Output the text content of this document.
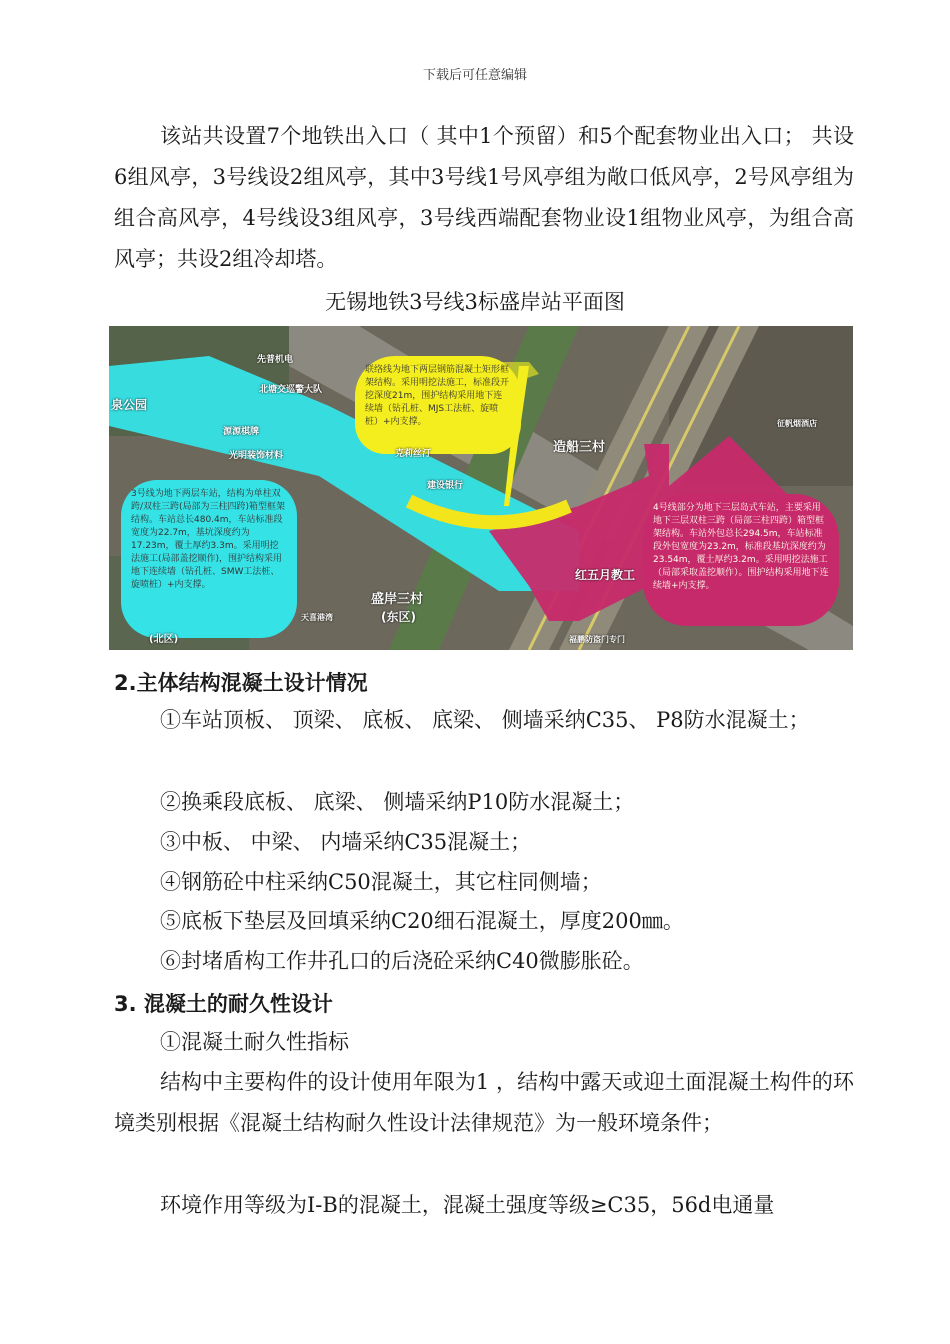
下载后可任意编辑
该站共设置7个地铁出入口（ 其中1个预留）和5个配套物业出入口； 共设6组风亭，3号线设2组风亭，其中3号线1号风亭组为敞口低风亭，2号风亭组为组合高风亭，4号线设3组风亭，3号线西端配套物业设1组物业风亭，为组合高风亭；共设2组冷却塔。
无锡地铁3号线3标盛岸站平面图
联络线为地下两层钢筋混凝土矩形框架结构。采用明挖法施工，标准段开挖深度21m，围护结构采用地下连续墙（钻孔桩、MJS工法桩、旋喷桩）+内支撑。
3号线为地下两层车站，结构为单柱双跨/双柱三跨(局部为三柱四跨)箱型框架结构。车站总长480.4m，车站标准段宽度为22.7m，基坑深度约为17.23m，覆土厚约3.3m。采用明挖法施工(局部盖挖顺作)，围护结构采用地下连续墙（钻孔桩、SMW工法桩、旋喷桩）+内支撑。
4号线部分为地下三层岛式车站，主要采用地下三层双柱三跨（局部三柱四跨）箱型框架结构。车站外包总长294.5m，车站标准段外包宽度为23.2m，标准段基坑深度约为23.54m，覆土厚约3.2m。采用明挖法施工（局部采取盖挖顺作）。围护结构采用地下连续墙+内支撑。
造船三村
红五月教工
盛岸三村
(东区)
泉公园
先普机电
北塘交巡警大队
光明装饰材料
建设银行
克莉丝汀
征帆烟酒店
(北区)	福鹏防盗门专门
源源棋牌
天喜港湾
2.主体结构混凝土设计情况
①车站顶板、 顶梁、 底板、 底梁、 侧墙采纳C35、 P8防水混凝土；
②换乘段底板、 底梁、 侧墙采纳P10防水混凝土；
③中板、 中梁、 内墙采纳C35混凝土；
④钢筋砼中柱采纳C50混凝土，其它柱同侧墙；
⑤底板下垫层及回填采纳C20细石混凝土，厚度200㎜。
⑥封堵盾构工作井孔口的后浇砼采纳C40微膨胀砼。
3. 混凝土的耐久性设计
①混凝土耐久性指标
结构中主要构件的设计使用年限为1 ，结构中露天或迎土面混凝土构件的环境类别根据《混凝土结构耐久性设计法律规范》为一般环境条件；
环境作用等级为Ⅰ-B的混凝土，混凝土强度等级≥C35，56d电通量
